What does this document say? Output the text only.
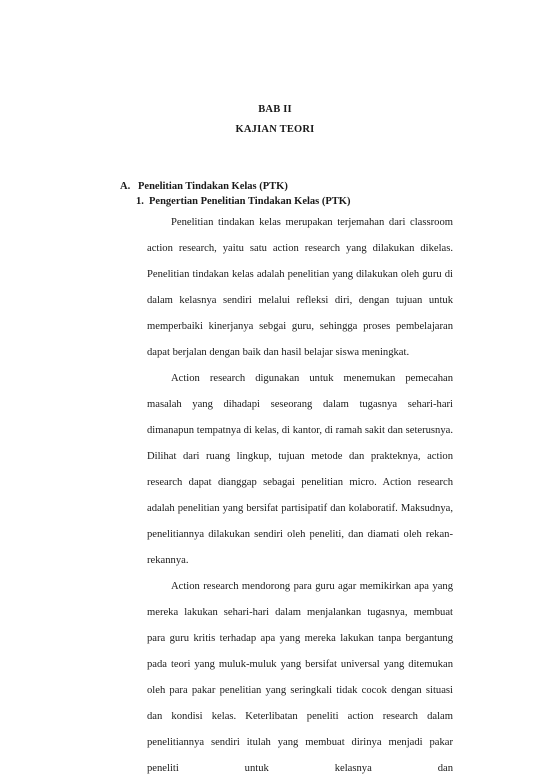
BAB II
KAJIAN TEORI
A. Penelitian Tindakan Kelas (PTK)
1. Pengertian Penelitian Tindakan Kelas (PTK)

Penelitian tindakan kelas merupakan terjemahan dari classroom action research, yaitu satu action research yang dilakukan dikelas. Penelitian tindakan kelas adalah penelitian yang dilakukan oleh guru di dalam kelasnya sendiri melalui refleksi diri, dengan tujuan untuk memperbaiki kinerjanya sebgai guru, sehingga proses pembelajaran dapat berjalan dengan baik dan hasil belajar siswa meningkat.

Action research digunakan untuk menemukan pemecahan masalah yang dihadapi seseorang dalam tugasnya sehari-hari dimanapun tempatnya di kelas, di kantor, di ramah sakit dan seterusnya. Dilihat dari ruang lingkup, tujuan metode dan prakteknya, action research dapat dianggap sebagai penelitian micro. Action research adalah penelitian yang bersifat partisipatif dan kolaboratif. Maksudnya, penelitiannya dilakukan sendiri oleh peneliti, dan diamati oleh rekan-rekannya.

Action research mendorong para guru agar memikirkan apa yang mereka lakukan sehari-hari dalam menjalankan tugasnya, membuat para guru kritis terhadap apa yang mereka lakukan tanpa bergantung pada teori yang muluk-muluk yang bersifat universal yang ditemukan oleh para pakar penelitian yang seringkali tidak cocok dengan situasi dan kondisi kelas. Keterlibatan peneliti action research dalam penelitiannya sendiri itulah yang membuat dirinya menjadi pakar peneliti untuk kelasnya dan
